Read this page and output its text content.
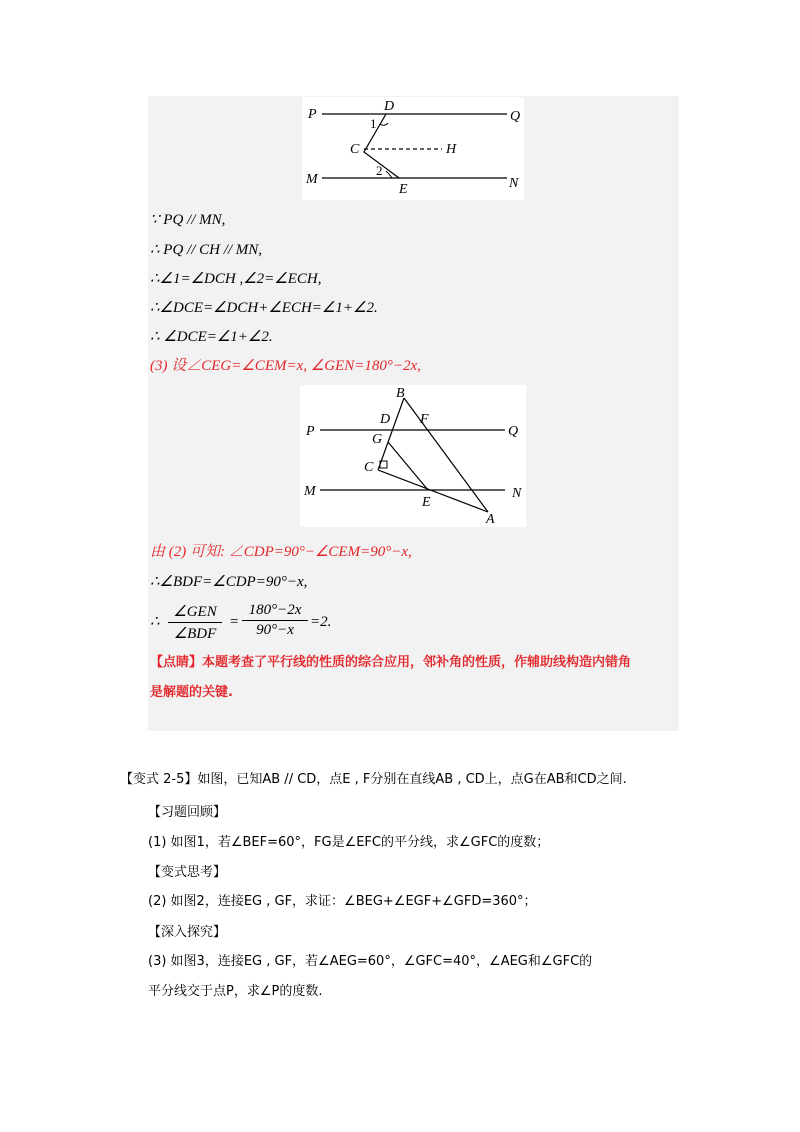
P
D
Q
1
C	H
M
2
E	N
∵ PQ // MN,
∴ PQ // CH // MN,
∴∠1=∠DCH ,∠2=∠ECH,
∴∠DCE=∠DCH+∠ECH=∠1+∠2.
∴ ∠DCE=∠1+∠2.
(3) 设∠CEG=∠CEM=x, ∠GEN=180°−2x,
B
D F
P
G
Q
C
M
E
N
A
由 (2) 可知: ∠CDP=90°−∠CEM=90°−x,
∴∠BDF=∠CDP=90°−x,
∴
∠GEN
∠BDF
=
180°−2x
90°−x	=2.
【点睛】本题考查了平行线的性质的综合应用，邻补角的性质，作辅助线构造内错角
是解题的关键.
【变式 2-5】如图，已知AB // CD，点E , F分别在直线AB , CD上，点G在AB和CD之间.
【习题回顾】
(1) 如图1，若∠BEF=60°，FG是∠EFC的平分线，求∠GFC的度数；
【变式思考】
(2) 如图2，连接EG , GF，求证：∠BEG+∠EGF+∠GFD=360°；
【深入探究】
(3) 如图3，连接EG , GF，若∠AEG=60°，∠GFC=40°，∠AEG和∠GFC的
平分线交于点P，求∠P的度数.
